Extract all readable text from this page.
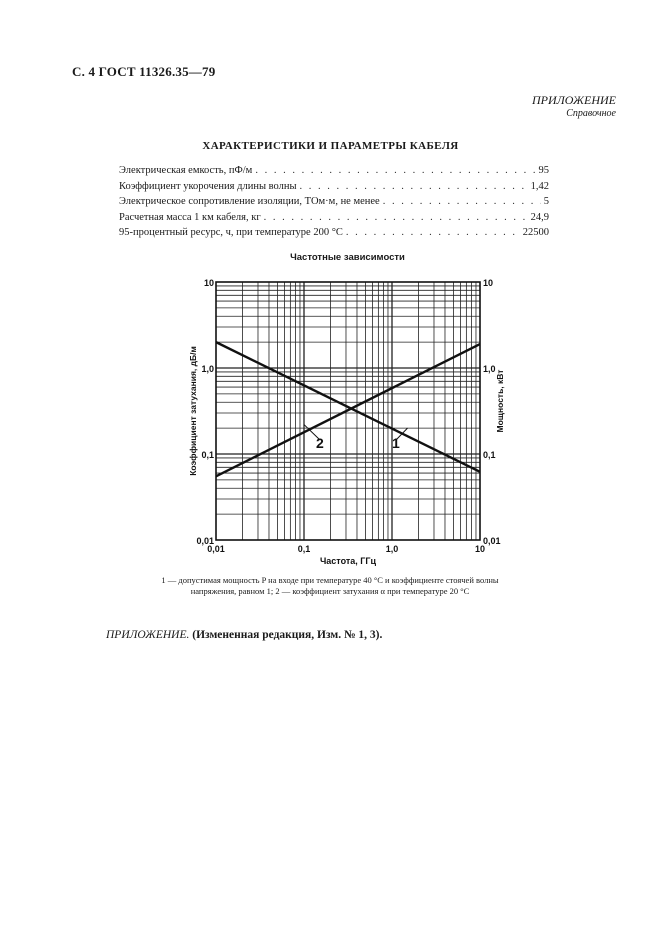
С. 4 ГОСТ 11326.35—79
ПРИЛОЖЕНИЕ
Справочное
ХАРАКТЕРИСТИКИ И ПАРАМЕТРЫ КАБЕЛЯ
Электрическая емкость, пФ/м . . .	95
Коэффициент укорочения длины волны . . .	1,42
Электрическое сопротивление изоляции, ТОм·м, не менее . . .	5
Расчетная масса 1 км кабеля, кг . . .	24,9
95-процентный ресурс, ч, при температуре 200 °С . . .	22500
Частотные зависимости
1
2
0,01	0,1	1,0	10
0,01	0,01
0,1	0,1
1,0	1,0
10	10
Частота, ГГц
Коэффициент затухания, дБ/м	Мощность, кВт
1 — допустимая мощность P на входе при температуре 40 °С и коэффициенте стоячей волны
напряжения, равном 1; 2 — коэффициент затухания α при температуре 20 °С
ПРИЛОЖЕНИЕ. (Измененная редакция, Изм. № 1, 3).
